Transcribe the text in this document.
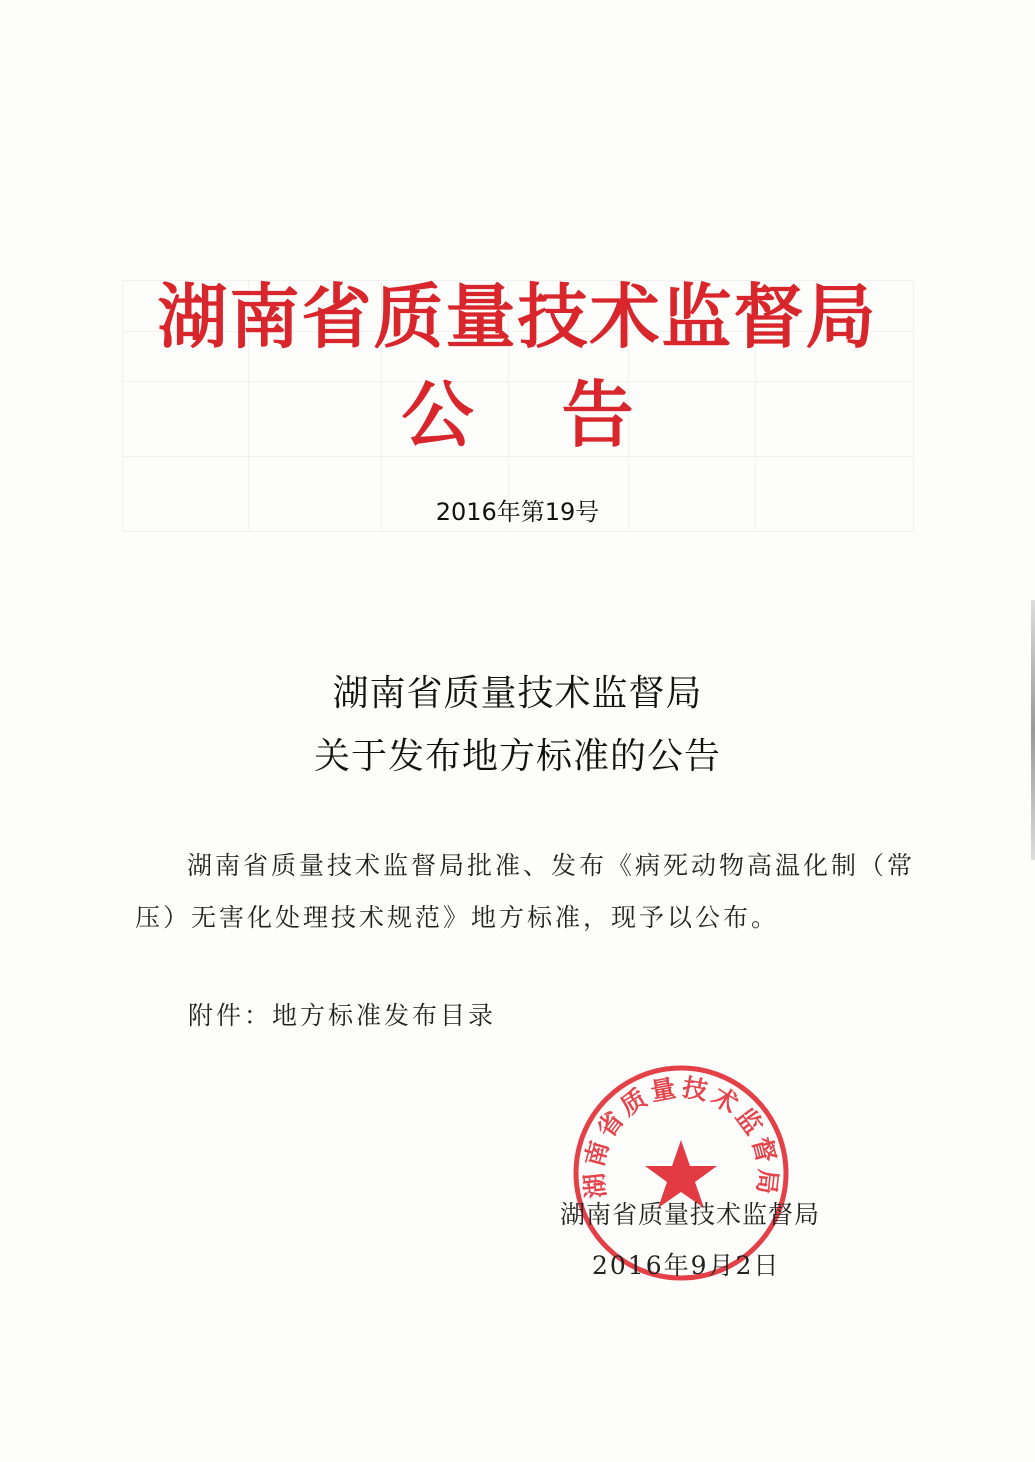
湖南省质量技术监督局
公告
2016年第19号
湖南省质量技术监督局
关于发布地方标准的公告
湖南省质量技术监督局批准、发布《病死动物高温化制（常压）无害化处理技术规范》地方标准，现予以公布。
附件：地方标准发布目录
湖南省质量技术监督局
湖南省质量技术监督局
2016年9月2日
